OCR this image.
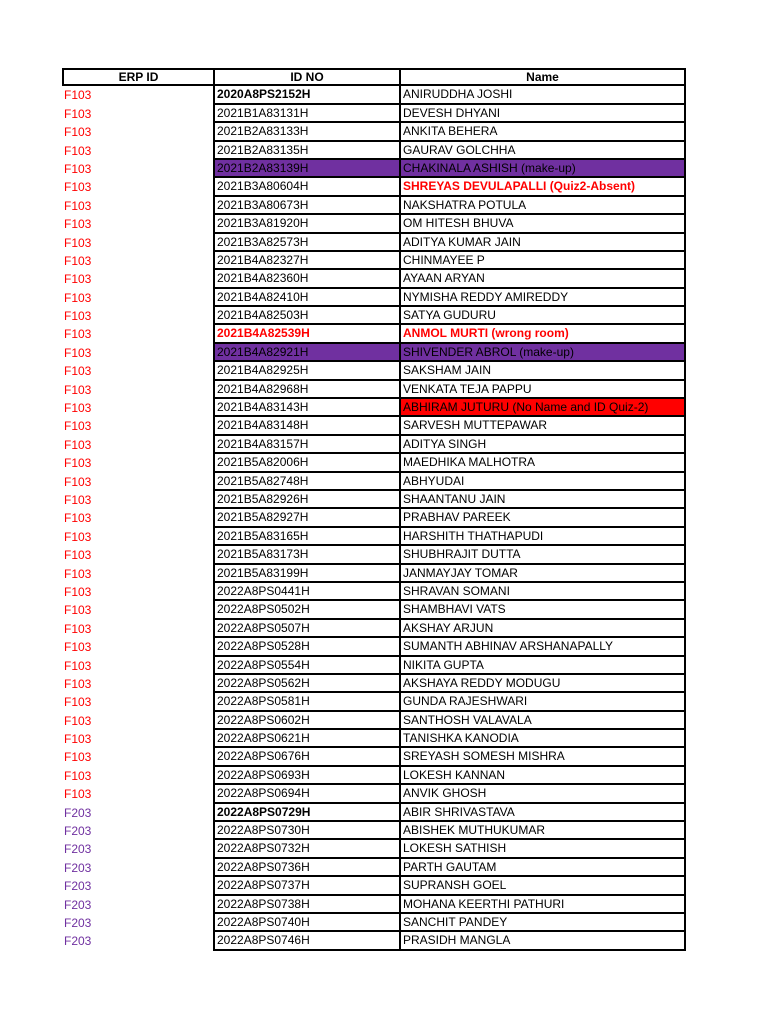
ERP ID	ID NO	Name
F103	2020A8PS2152H	ANIRUDDHA JOSHI
F103	2021B1A83131H	DEVESH DHYANI
F103	2021B2A83133H	ANKITA BEHERA
F103	2021B2A83135H	GAURAV GOLCHHA
F103	2021B2A83139H	CHAKINALA ASHISH (make-up)
F103	2021B3A80604H	SHREYAS DEVULAPALLI (Quiz2-Absent)
F103	2021B3A80673H	NAKSHATRA POTULA
F103	2021B3A81920H	OM HITESH BHUVA
F103	2021B3A82573H	ADITYA KUMAR JAIN
F103	2021B4A82327H	CHINMAYEE P
F103	2021B4A82360H	AYAAN ARYAN
F103	2021B4A82410H	NYMISHA REDDY AMIREDDY
F103	2021B4A82503H	SATYA GUDURU
F103	2021B4A82539H	ANMOL MURTI (wrong room)
F103	2021B4A82921H	SHIVENDER ABROL (make-up)
F103	2021B4A82925H	SAKSHAM JAIN
F103	2021B4A82968H	VENKATA TEJA PAPPU
F103	2021B4A83143H	ABHIRAM JUTURU (No Name and ID Quiz-2)
F103	2021B4A83148H	SARVESH MUTTEPAWAR
F103	2021B4A83157H	ADITYA SINGH
F103	2021B5A82006H	MAEDHIKA MALHOTRA
F103	2021B5A82748H	ABHYUDAI
F103	2021B5A82926H	SHAANTANU JAIN
F103	2021B5A82927H	PRABHAV PAREEK
F103	2021B5A83165H	HARSHITH THATHAPUDI
F103	2021B5A83173H	SHUBHRAJIT DUTTA
F103	2021B5A83199H	JANMAYJAY TOMAR
F103	2022A8PS0441H	SHRAVAN SOMANI
F103	2022A8PS0502H	SHAMBHAVI VATS
F103	2022A8PS0507H	AKSHAY ARJUN
F103	2022A8PS0528H	SUMANTH ABHINAV ARSHANAPALLY
F103	2022A8PS0554H	NIKITA GUPTA
F103	2022A8PS0562H	AKSHAYA REDDY MODUGU
F103	2022A8PS0581H	GUNDA RAJESHWARI
F103	2022A8PS0602H	SANTHOSH VALAVALA
F103	2022A8PS0621H	TANISHKA KANODIA
F103	2022A8PS0676H	SREYASH SOMESH MISHRA
F103	2022A8PS0693H	LOKESH KANNAN
F103	2022A8PS0694H	ANVIK GHOSH
F203	2022A8PS0729H	ABIR SHRIVASTAVA
F203	2022A8PS0730H	ABISHEK MUTHUKUMAR
F203	2022A8PS0732H	LOKESH SATHISH
F203	2022A8PS0736H	PARTH GAUTAM
F203	2022A8PS0737H	SUPRANSH GOEL
F203	2022A8PS0738H	MOHANA KEERTHI PATHURI
F203	2022A8PS0740H	SANCHIT PANDEY
F203	2022A8PS0746H	PRASIDH MANGLA
